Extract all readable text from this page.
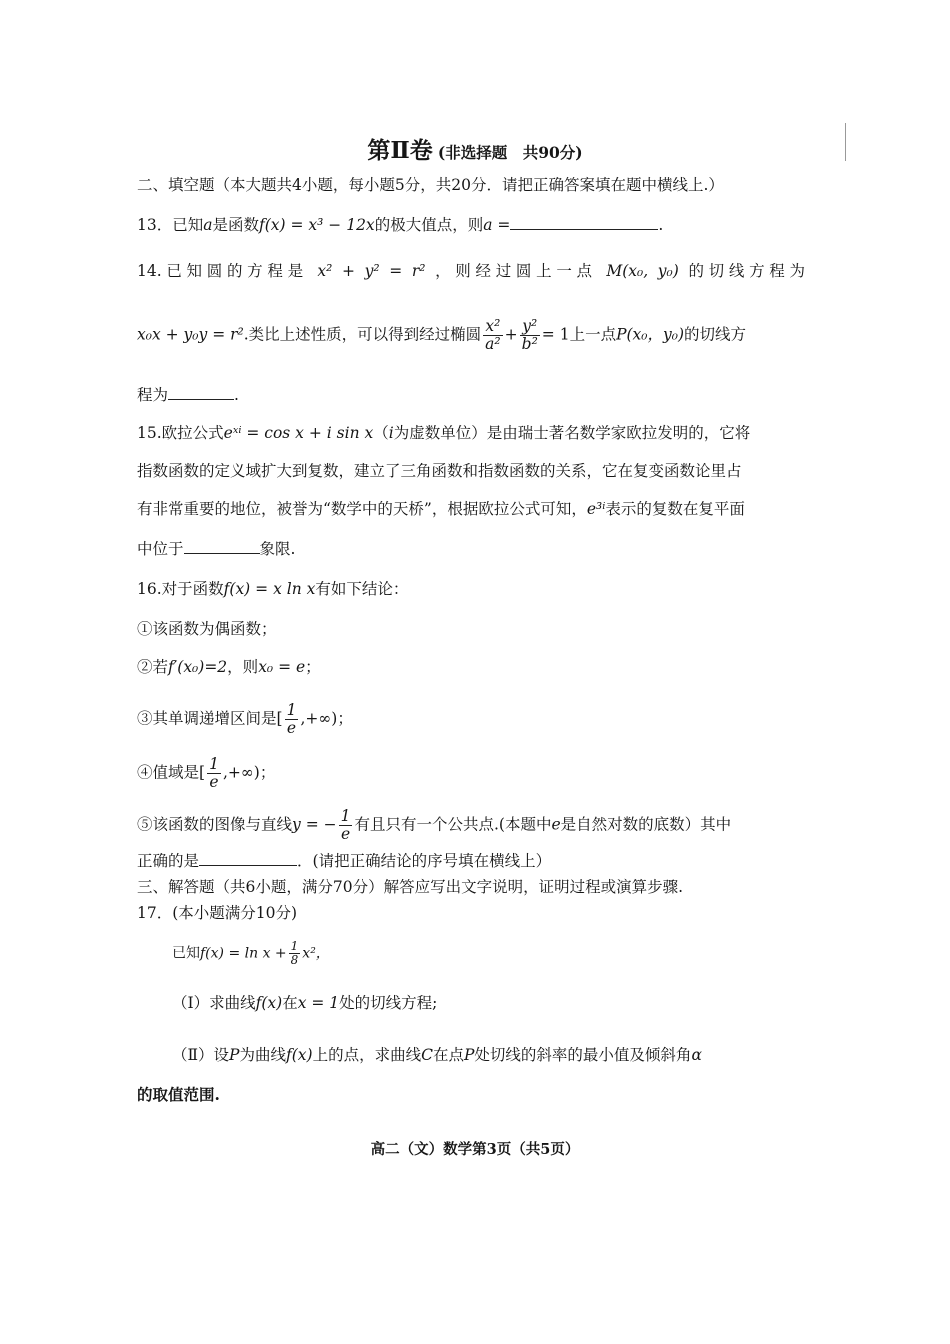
第Ⅱ卷 (非选择题　共90分)
二、填空题（本大题共4小题，每小题5分，共20分．请把正确答案填在题中横线上.）
13．已知a是函数f(x) = x³ − 12x的极大值点，则a =	.
14.已知圆的方程是 x² + y² = r² ，则经过圆上一点 M(x₀, y₀) 的切线方程为
x₀x + y₀y = r².类比上述性质，可以得到经过椭圆 $\frac{\text{x²}}{\text{a²}} + \frac{\text{y²}}{\text{b²}} = 1$上一点P(x₀，y₀)的切线方
程为	.
15.欧拉公式eˣⁱ = cos x + i sin x（i为虚数单位）是由瑞士著名数学家欧拉发明的，它将
指数函数的定义域扩大到复数，建立了三角函数和指数函数的关系，它在复变函数论里占
有非常重要的地位，被誉为“数学中的天桥”，根据欧拉公式可知，e³ⁱ表示的复数在复平面
中位于	象限.
16.对于函数f(x) = x ln x有如下结论：
①该函数为偶函数；
②若f′(x₀)=2，则x₀ = e；
③其单调递增区间是[ $\frac{1}{e}$ ,+∞)；
④值域是[ $\frac{1}{e}$ ,+∞)；
⑤该函数的图像与直线y = − $\frac{1}{e}$ 有且只有一个公共点.(本题中e是自然对数的底数）其中
正确的是	．(请把正确结论的序号填在横线上）
三、解答题（共6小题，满分70分）解答应写出文字说明，证明过程或演算步骤.
17．(本小题满分10分)
已知$f(x) = \ln x + \frac{1}{8} x^2$，
（Ⅰ）求曲线f(x)在x = 1处的切线方程;
（Ⅱ）设P为曲线f(x)上的点，求曲线C在点P处切线的斜率的最小值及倾斜角α
的取值范围.
高二（文）数学第3页（共5页）
